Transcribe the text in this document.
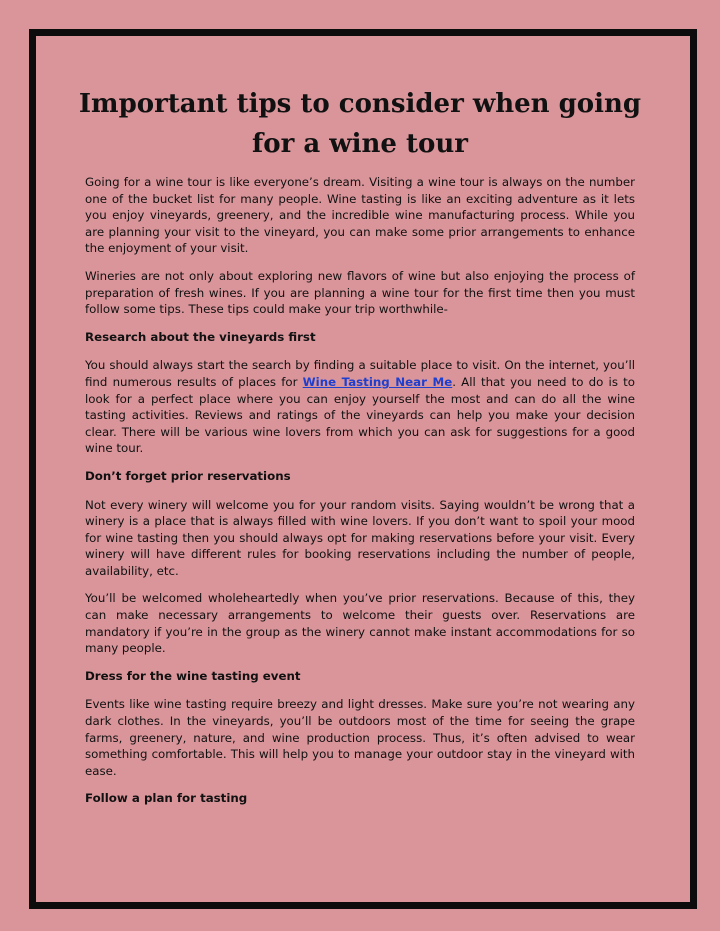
Important tips to consider when going for a wine tour

Going for a wine tour is like everyone’s dream. Visiting a wine tour is always on the number one of the bucket list for many people. Wine tasting is like an exciting adventure as it lets you enjoy vineyards, greenery, and the incredible wine manufacturing process. While you are planning your visit to the vineyard, you can make some prior arrangements to enhance the enjoyment of your visit.

Wineries are not only about exploring new flavors of wine but also enjoying the process of preparation of fresh wines. If you are planning a wine tour for the first time then you must follow some tips. These tips could make your trip worthwhile-

Research about the vineyards first

You should always start the search by finding a suitable place to visit. On the internet, you’ll find numerous results of places for Wine Tasting Near Me. All that you need to do is to look for a perfect place where you can enjoy yourself the most and can do all the wine tasting activities. Reviews and ratings of the vineyards can help you make your decision clear. There will be various wine lovers from which you can ask for suggestions for a good wine tour.

Don’t forget prior reservations

Not every winery will welcome you for your random visits. Saying wouldn’t be wrong that a winery is a place that is always filled with wine lovers. If you don’t want to spoil your mood for wine tasting then you should always opt for making reservations before your visit. Every winery will have different rules for booking reservations including the number of people, availability, etc.

You’ll be welcomed wholeheartedly when you’ve prior reservations. Because of this, they can make necessary arrangements to welcome their guests over. Reservations are mandatory if you’re in the group as the winery cannot make instant accommodations for so many people.

Dress for the wine tasting event

Events like wine tasting require breezy and light dresses. Make sure you’re not wearing any dark clothes. In the vineyards, you’ll be outdoors most of the time for seeing the grape farms, greenery, nature, and wine production process. Thus, it’s often advised to wear something comfortable. This will help you to manage your outdoor stay in the vineyard with ease.

Follow a plan for tasting
